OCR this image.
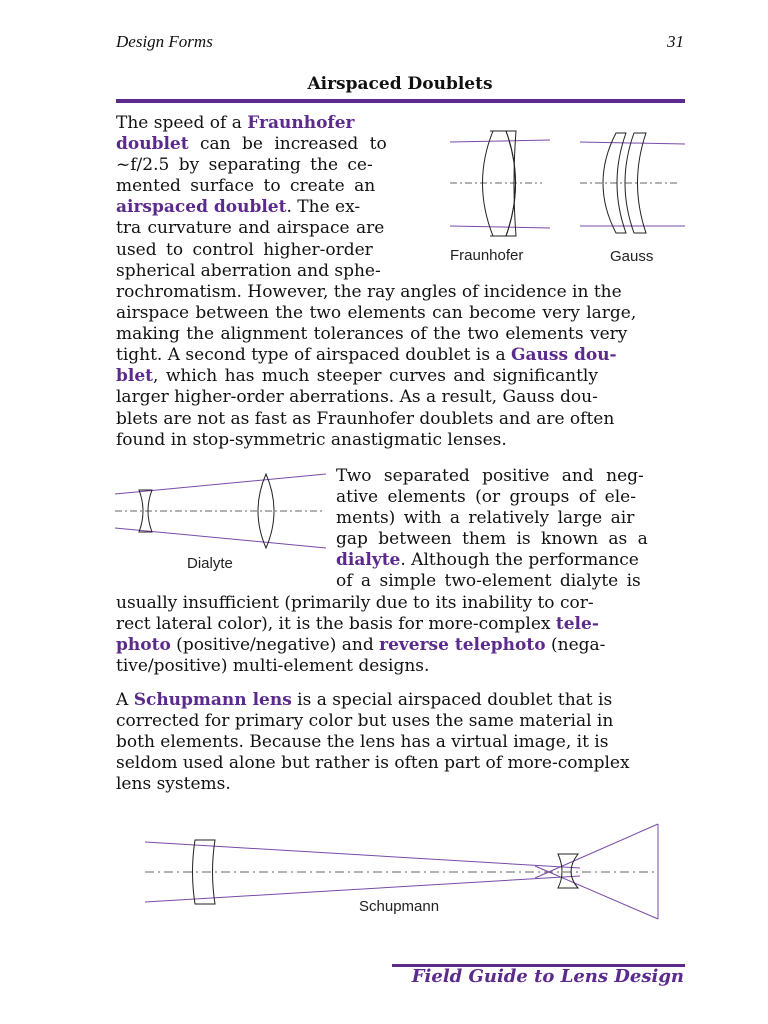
Design Forms	31
Airspaced Doublets
The speed of a Fraunhofer
doublet can be increased to
~f/2.5 by separating the ce-
mented surface to create an
airspaced doublet. The ex-
tra curvature and airspace are
used to control higher-order
spherical aberration and sphe-
rochromatism. However, the ray angles of incidence in the
airspace between the two elements can become very large,
making the alignment tolerances of the two elements very
tight. A second type of airspaced doublet is a Gauss dou-
blet, which has much steeper curves and significantly
larger higher-order aberrations. As a result, Gauss dou-
blets are not as fast as Fraunhofer doublets and are often
found in stop-symmetric anastigmatic lenses.
Fraunhofer	Gauss
Dialyte
Two separated positive and neg-
ative elements (or groups of ele-
ments) with a relatively large air
gap between them is known as a
dialyte. Although the performance
of a simple two-element dialyte is
usually insufficient (primarily due to its inability to cor-
rect lateral color), it is the basis for more-complex tele-
photo (positive/negative) and reverse telephoto (nega-
tive/positive) multi-element designs.
A Schupmann lens is a special airspaced doublet that is
corrected for primary color but uses the same material in
both elements. Because the lens has a virtual image, it is
seldom used alone but rather is often part of more-complex
lens systems.
Schupmann
Field Guide to Lens Design
